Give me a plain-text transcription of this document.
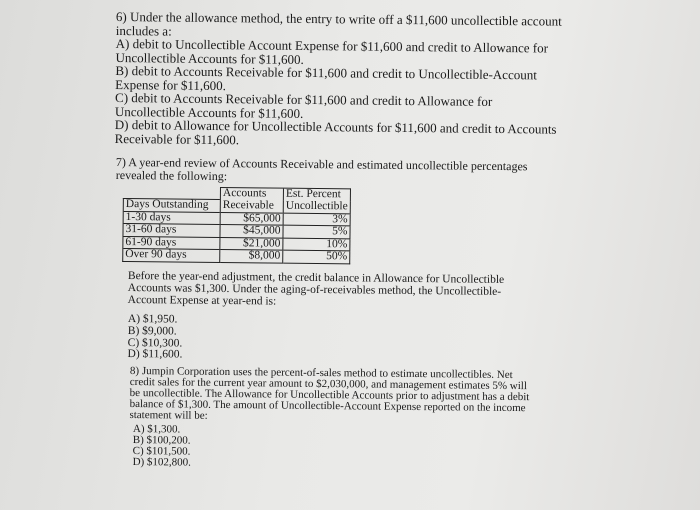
6) Under the allowance method, the entry to write off a $11,600 uncollectible account includes a:

A) debit to Uncollectible Account Expense for $11,600 and credit to Allowance for Uncollectible Accounts for $11,600.

B) debit to Accounts Receivable for $11,600 and credit to Uncollectible-Account Expense for $11,600.

C) debit to Accounts Receivable for $11,600 and credit to Allowance for Uncollectible Accounts for $11,600.

D) debit to Allowance for Uncollectible Accounts for $11,600 and credit to Accounts Receivable for $11,600.

7) A year-end review of Accounts Receivable and estimated uncollectible percentages revealed the following:

	Accounts	Est. Percent
Days Outstanding	Receivable	Uncollectible
1-30 days	$65,000	3%
31-60 days	$45,000	5%
61-90 days	$21,000	10%
Over 90 days	$8,000	50%

Before the year-end adjustment, the credit balance in Allowance for Uncollectible Accounts was $1,300. Under the aging-of-receivables method, the Uncollectible-Account Expense at year-end is:

A) $1,950.

B) $9,000.

C) $10,300.

D) $11,600.

8) Jumpin Corporation uses the percent-of-sales method to estimate uncollectibles. Net credit sales for the current year amount to $2,030,000, and management estimates 5% will be uncollectible. The Allowance for Uncollectible Accounts prior to adjustment has a debit balance of $1,300. The amount of Uncollectible-Account Expense reported on the income statement will be:

A) $1,300.

B) $100,200.

C) $101,500.

D) $102,800.
